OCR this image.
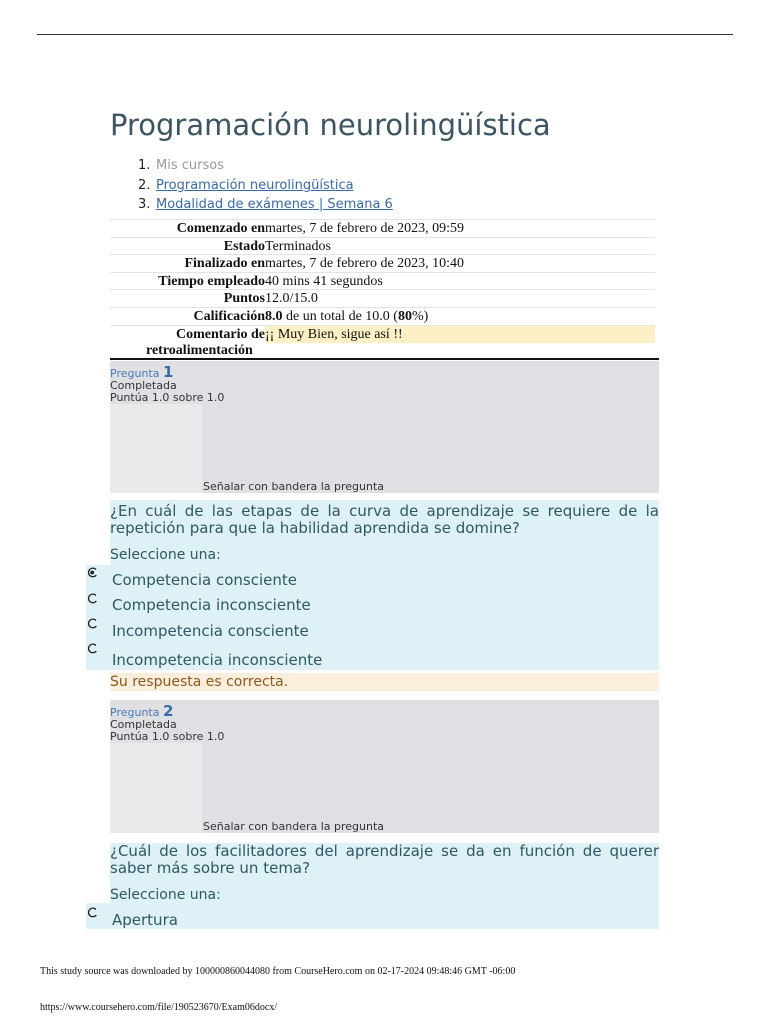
Programación neurolingüística
1. Mis cursos
2. Programación neurolingüística
3. Modalidad de exámenes | Semana 6
Comenzado en martes, 7 de febrero de 2023, 09:59
Estado Terminados
Finalizado en martes, 7 de febrero de 2023, 10:40
Tiempo empleado 40 mins 41 segundos
Puntos 12.0/15.0
Calificación 8.0 de un total de 10.0 (80%)
Comentario de
retroalimentación
¡¡ Muy Bien, sigue así !!
Pregunta 1
Completada
Puntúa 1.0 sobre 1.0
Señalar con bandera la pregunta
¿En cuál de las etapas de la curva de aprendizaje se requiere de la repetición para que la habilidad aprendida se domine?
Seleccione una:
Competencia consciente
Competencia inconsciente
Incompetencia consciente
Incompetencia inconsciente
Su respuesta es correcta.
Pregunta 2
Completada
Puntúa 1.0 sobre 1.0
Señalar con bandera la pregunta
¿Cuál de los facilitadores del aprendizaje se da en función de querer saber más sobre un tema?
Seleccione una:
Apertura
This study source was downloaded by 100000860044080 from CourseHero.com on 02-17-2024 09:48:46 GMT -06:00
https://www.coursehero.com/file/190523670/Exam06docx/
